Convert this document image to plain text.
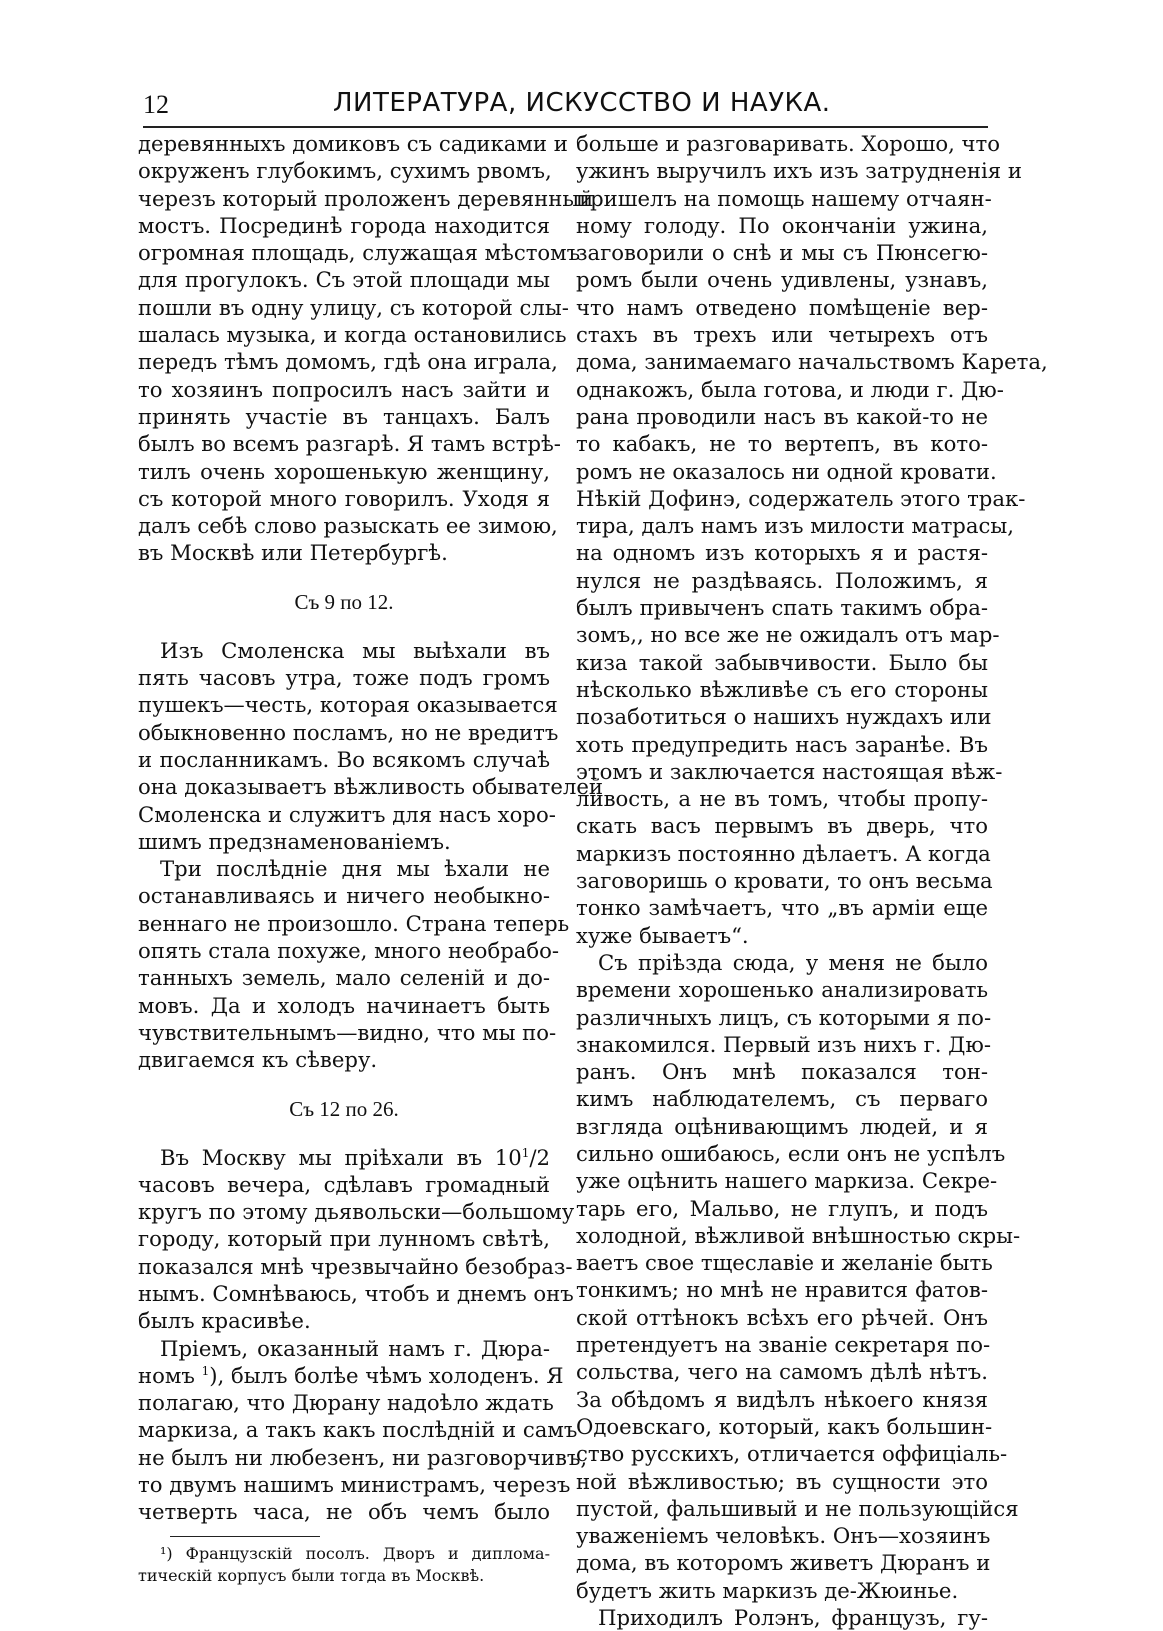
12	ЛИТЕРАТУРА, ИСКУССТВО И НАУКА.
деревянныхъ домиковъ съ садиками и
окруженъ глубокимъ, сухимъ рвомъ,
черезъ который проложенъ деревянный
мостъ. Посрединѣ города находится
огромная площадь, служащая мѣстомъ
для прогулокъ. Съ этой площади мы
пошли въ одну улицу, съ которой слы-
шалась музыка, и когда остановились
передъ тѣмъ домомъ, гдѣ она играла,
то хозяинъ попросилъ насъ зайти и
принять участіе въ танцахъ. Балъ
былъ во всемъ разгарѣ. Я тамъ встрѣ-
тилъ очень хорошенькую женщину,
съ которой много говорилъ. Уходя я
далъ себѣ слово разыскать ее зимою,
въ Москвѣ или Петербургѣ.
Съ 9 по 12.
Изъ Смоленска мы выѣхали въ
пять часовъ утра, тоже подъ громъ
пушекъ—честь, которая оказывается
обыкновенно посламъ, но не вредитъ
и посланникамъ. Во всякомъ случаѣ
она доказываетъ вѣжливость обывателей
Смоленска и служитъ для насъ хоро-
шимъ предзнаменованіемъ.
Три послѣдніе дня мы ѣхали не
останавливаясь и ничего необыкно-
веннаго не произошло. Страна теперь
опять стала похуже, много необрабо-
танныхъ земель, мало селеній и до-
мовъ. Да и холодъ начинаетъ быть
чувствительнымъ—видно, что мы по-
двигаемся къ сѣверу.
Съ 12 по 26.
Въ Москву мы пріѣхали въ $10^1/2$
часовъ вечера, сдѣлавъ громадный
кругъ по этому дьявольски—большому
городу, который при лунномъ свѣтѣ,
показался мнѣ чрезвычайно безобраз-
нымъ. Сомнѣваюсь, чтобъ и днемъ онъ
былъ красивѣе.
Пріемъ, оказанный намъ г. Дюра-
номъ $^1$), былъ болѣе чѣмъ холоденъ. Я
полагаю, что Дюрану надоѣло ждать
маркиза, а такъ какъ послѣдній и самъ
не былъ ни любезенъ, ни разговорчивъ,
то двумъ нашимъ министрамъ, черезъ
четверть часа, не объ чемъ было
¹) Французскій посолъ. Дворъ и диплома-
тическій корпусъ были тогда въ Москвѣ.
больше и разговаривать. Хорошо, что
ужинъ выручилъ ихъ изъ затрудненія и
пришелъ на помощь нашему отчаян-
ному голоду. По окончаніи ужина,
заговорили о снѣ и мы съ Пюнсегю-
ромъ были очень удивлены, узнавъ,
что намъ отведено помѣщеніе вер-
стахъ въ трехъ или четырехъ отъ
дома, занимаемаго начальствомъ Карета,
однакожъ, была готова, и люди г. Дю-
рана проводили насъ въ какой-то не
то кабакъ, не то вертепъ, въ кото-
ромъ не оказалось ни одной кровати.
Нѣкій Дофинэ, содержатель этого трак-
тира, далъ намъ изъ милости матрасы,
на одномъ изъ которыхъ я и растя-
нулся не раздѣваясь. Положимъ, я
былъ привыченъ спать такимъ обра-
зомъ,, но все же не ожидалъ отъ мар-
киза такой забывчивости. Было бы
нѣсколько вѣжливѣе съ его стороны
позаботиться о нашихъ нуждахъ или
хоть предупредить насъ заранѣе. Въ
этомъ и заключается настоящая вѣж-
ливость, а не въ томъ, чтобы пропу-
скать васъ первымъ въ дверь, что
маркизъ постоянно дѣлаетъ. А когда
заговоришь о кровати, то онъ весьма
тонко замѣчаетъ, что „въ арміи еще
хуже бываетъ“.
Съ пріѣзда сюда, у меня не было
времени хорошенько анализировать
различныхъ лицъ, съ которыми я по-
знакомился. Первый изъ нихъ г. Дю-
ранъ. Онъ мнѣ показался тон-
кимъ наблюдателемъ, съ перваго
взгляда оцѣнивающимъ людей, и я
сильно ошибаюсь, если онъ не успѣлъ
уже оцѣнить нашего маркиза. Секре-
тарь его, Мальво, не глупъ, и подъ
холодной, вѣжливой внѣшностью скры-
ваетъ свое тщеславіе и желаніе быть
тонкимъ; но мнѣ не нравится фатов-
ской оттѣнокъ всѣхъ его рѣчей. Онъ
претендуетъ на званіе секретаря по-
сольства, чего на самомъ дѣлѣ нѣтъ.
За обѣдомъ я видѣлъ нѣкоего князя
Одоевскаго, который, какъ большин-
ство русскихъ, отличается оффиціаль-
ной вѣжливостью; въ сущности это
пустой, фальшивый и не пользующійся
уваженіемъ человѣкъ. Онъ—хозяинъ
дома, въ которомъ живетъ Дюранъ и
будетъ жить маркизъ де-Жюинье.
Приходилъ Ролэнъ, французъ, гу-
